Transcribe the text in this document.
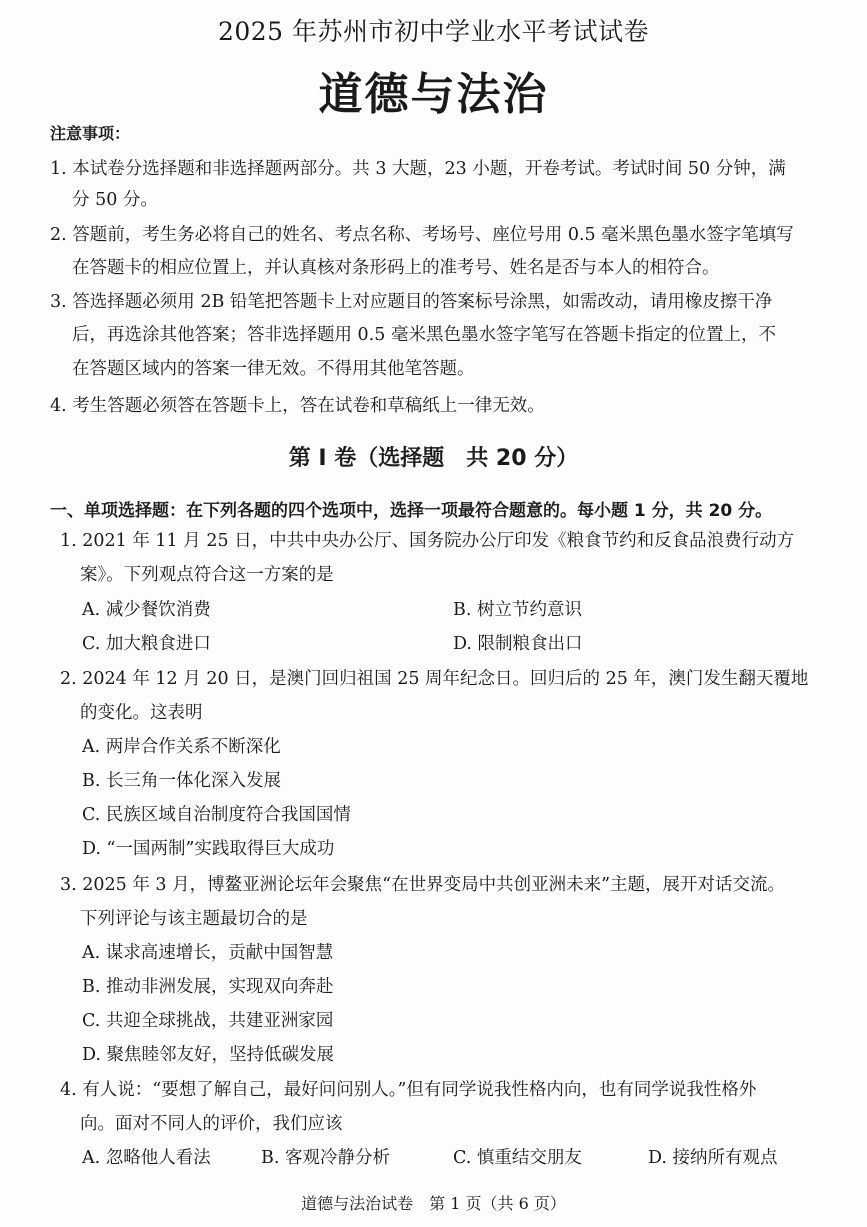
2025 年苏州市初中学业水平考试试卷
道德与法治
注意事项：
1. 本试卷分选择题和非选择题两部分。共 3 大题，23 小题，开卷考试。考试时间 50 分钟，满
分 50 分。
2. 答题前，考生务必将自己的姓名、考点名称、考场号、座位号用 0.5 毫米黑色墨水签字笔填写
在答题卡的相应位置上，并认真核对条形码上的准考号、姓名是否与本人的相符合。
3. 答选择题必须用 2B 铅笔把答题卡上对应题目的答案标号涂黑，如需改动，请用橡皮擦干净
后，再选涂其他答案；答非选择题用 0.5 毫米黑色墨水签字笔写在答题卡指定的位置上，不
在答题区域内的答案一律无效。不得用其他笔答题。
4. 考生答题必须答在答题卡上，答在试卷和草稿纸上一律无效。
第 Ⅰ 卷（选择题　共 20 分）
一、单项选择题：在下列各题的四个选项中，选择一项最符合题意的。每小题 1 分，共 20 分。
1. 2021 年 11 月 25 日，中共中央办公厅、国务院办公厅印发《粮食节约和反食品浪费行动方
案》。下列观点符合这一方案的是
A. 减少餐饮消费	B. 树立节约意识
C. 加大粮食进口	D. 限制粮食出口
2. 2024 年 12 月 20 日，是澳门回归祖国 25 周年纪念日。回归后的 25 年，澳门发生翻天覆地
的变化。这表明
A. 两岸合作关系不断深化
B. 长三角一体化深入发展
C. 民族区域自治制度符合我国国情
D. “一国两制”实践取得巨大成功
3. 2025 年 3 月，博鳌亚洲论坛年会聚焦“在世界变局中共创亚洲未来”主题，展开对话交流。
下列评论与该主题最切合的是
A. 谋求高速增长，贡献中国智慧
B. 推动非洲发展，实现双向奔赴
C. 共迎全球挑战，共建亚洲家园
D. 聚焦睦邻友好，坚持低碳发展
4. 有人说：“要想了解自己，最好问问别人。”但有同学说我性格内向，也有同学说我性格外
向。面对不同人的评价，我们应该
A. 忽略他人看法	B. 客观冷静分析	C. 慎重结交朋友	D. 接纳所有观点
道德与法治试卷　第 1 页（共 6 页）
